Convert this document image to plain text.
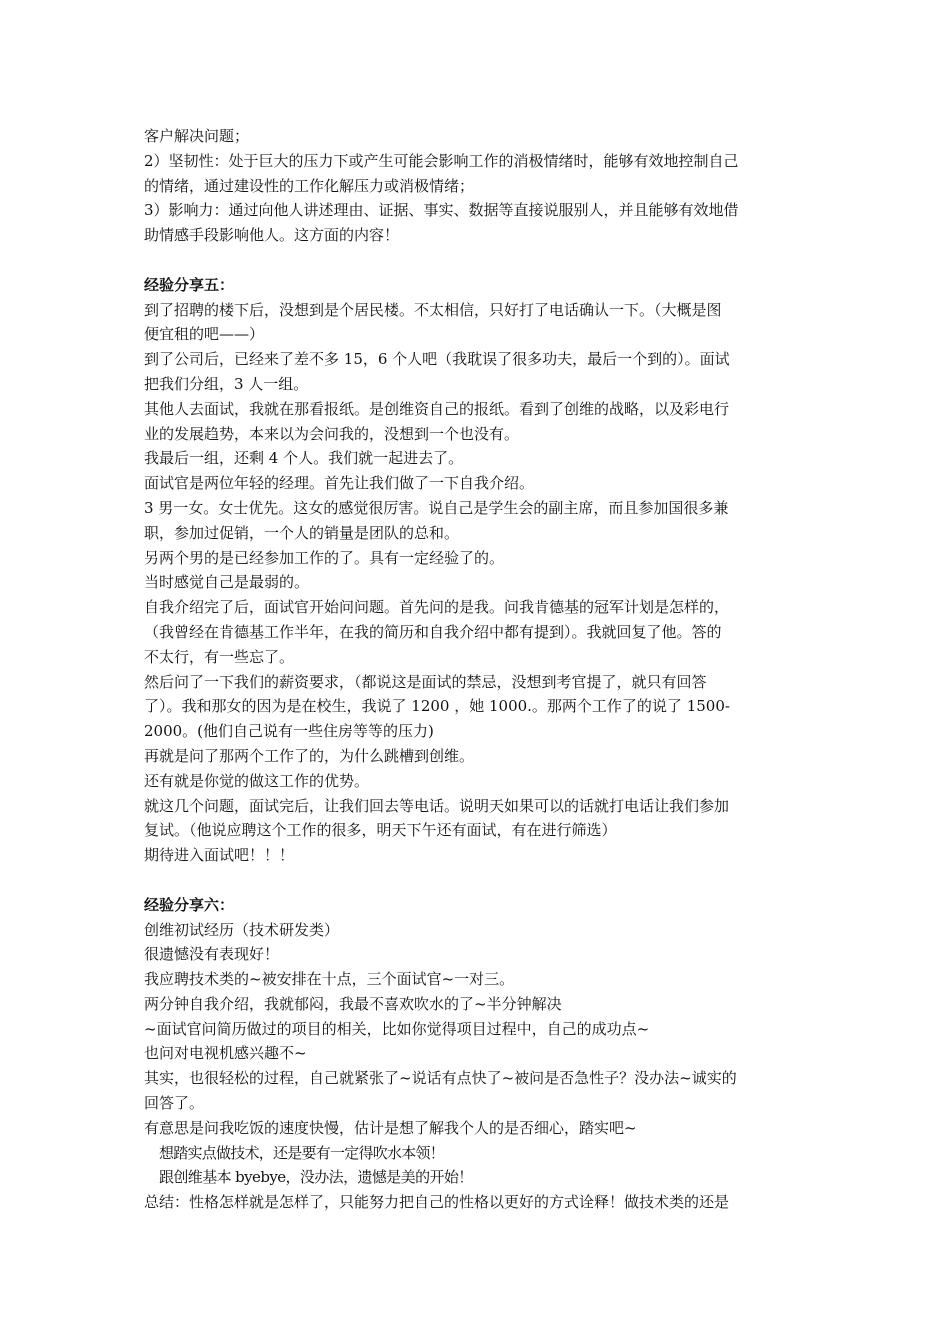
客户解决问题；
2）坚韧性：处于巨大的压力下或产生可能会影响工作的消极情绪时，能够有效地控制自己
的情绪，通过建设性的工作化解压力或消极情绪；
3）影响力：通过向他人讲述理由、证据、事实、数据等直接说服别人，并且能够有效地借
助情感手段影响他人。这方面的内容！
经验分享五：
到了招聘的楼下后，没想到是个居民楼。不太相信，只好打了电话确认一下。（大概是图
便宜租的吧——）
到了公司后，已经来了差不多 15，6 个人吧（我耽误了很多功夫，最后一个到的）。面试
把我们分组，3 人一组。
其他人去面试，我就在那看报纸。是创维资自己的报纸。看到了创维的战略，以及彩电行
业的发展趋势，本来以为会问我的，没想到一个也没有。
我最后一组，还剩 4 个人。我们就一起进去了。
面试官是两位年轻的经理。首先让我们做了一下自我介绍。
3 男一女。女士优先。这女的感觉很厉害。说自己是学生会的副主席，而且参加国很多兼
职，参加过促销，一个人的销量是团队的总和。
另两个男的是已经参加工作的了。具有一定经验了的。
当时感觉自己是最弱的。
自我介绍完了后，面试官开始问问题。首先问的是我。问我肯德基的冠军计划是怎样的，
（我曾经在肯德基工作半年，在我的简历和自我介绍中都有提到）。我就回复了他。答的
不太行，有一些忘了。
然后问了一下我们的薪资要求，（都说这是面试的禁忌，没想到考官提了，就只有回答
了）。我和那女的因为是在校生，我说了 1200 ，她 1000.。那两个工作了的说了 1500-
2000。(他们自己说有一些住房等等的压力)
再就是问了那两个工作了的，为什么跳槽到创维。
还有就是你觉的做这工作的优势。
就这几个问题，面试完后，让我们回去等电话。说明天如果可以的话就打电话让我们参加
复试。（他说应聘这个工作的很多，明天下午还有面试，有在进行筛选）
期待进入面试吧！！！
经验分享六：
创维初试经历（技术研发类）
很遗憾没有表现好！
我应聘技术类的~被安排在十点，三个面试官~一对三。
两分钟自我介绍，我就郁闷，我最不喜欢吹水的了~半分钟解决
~面试官问简历做过的项目的相关，比如你觉得项目过程中，自己的成功点~
也问对电视机感兴趣不~
其实，也很轻松的过程，自己就紧张了~说话有点快了~被问是否急性子？没办法~诚实的
回答了。
有意思是问我吃饭的速度快慢，估计是想了解我个人的是否细心，踏实吧~
想踏实点做技术，还是要有一定得吹水本领！
跟创维基本 byebye，没办法，遗憾是美的开始！
总结：性格怎样就是怎样了，只能努力把自己的性格以更好的方式诠释！做技术类的还是
